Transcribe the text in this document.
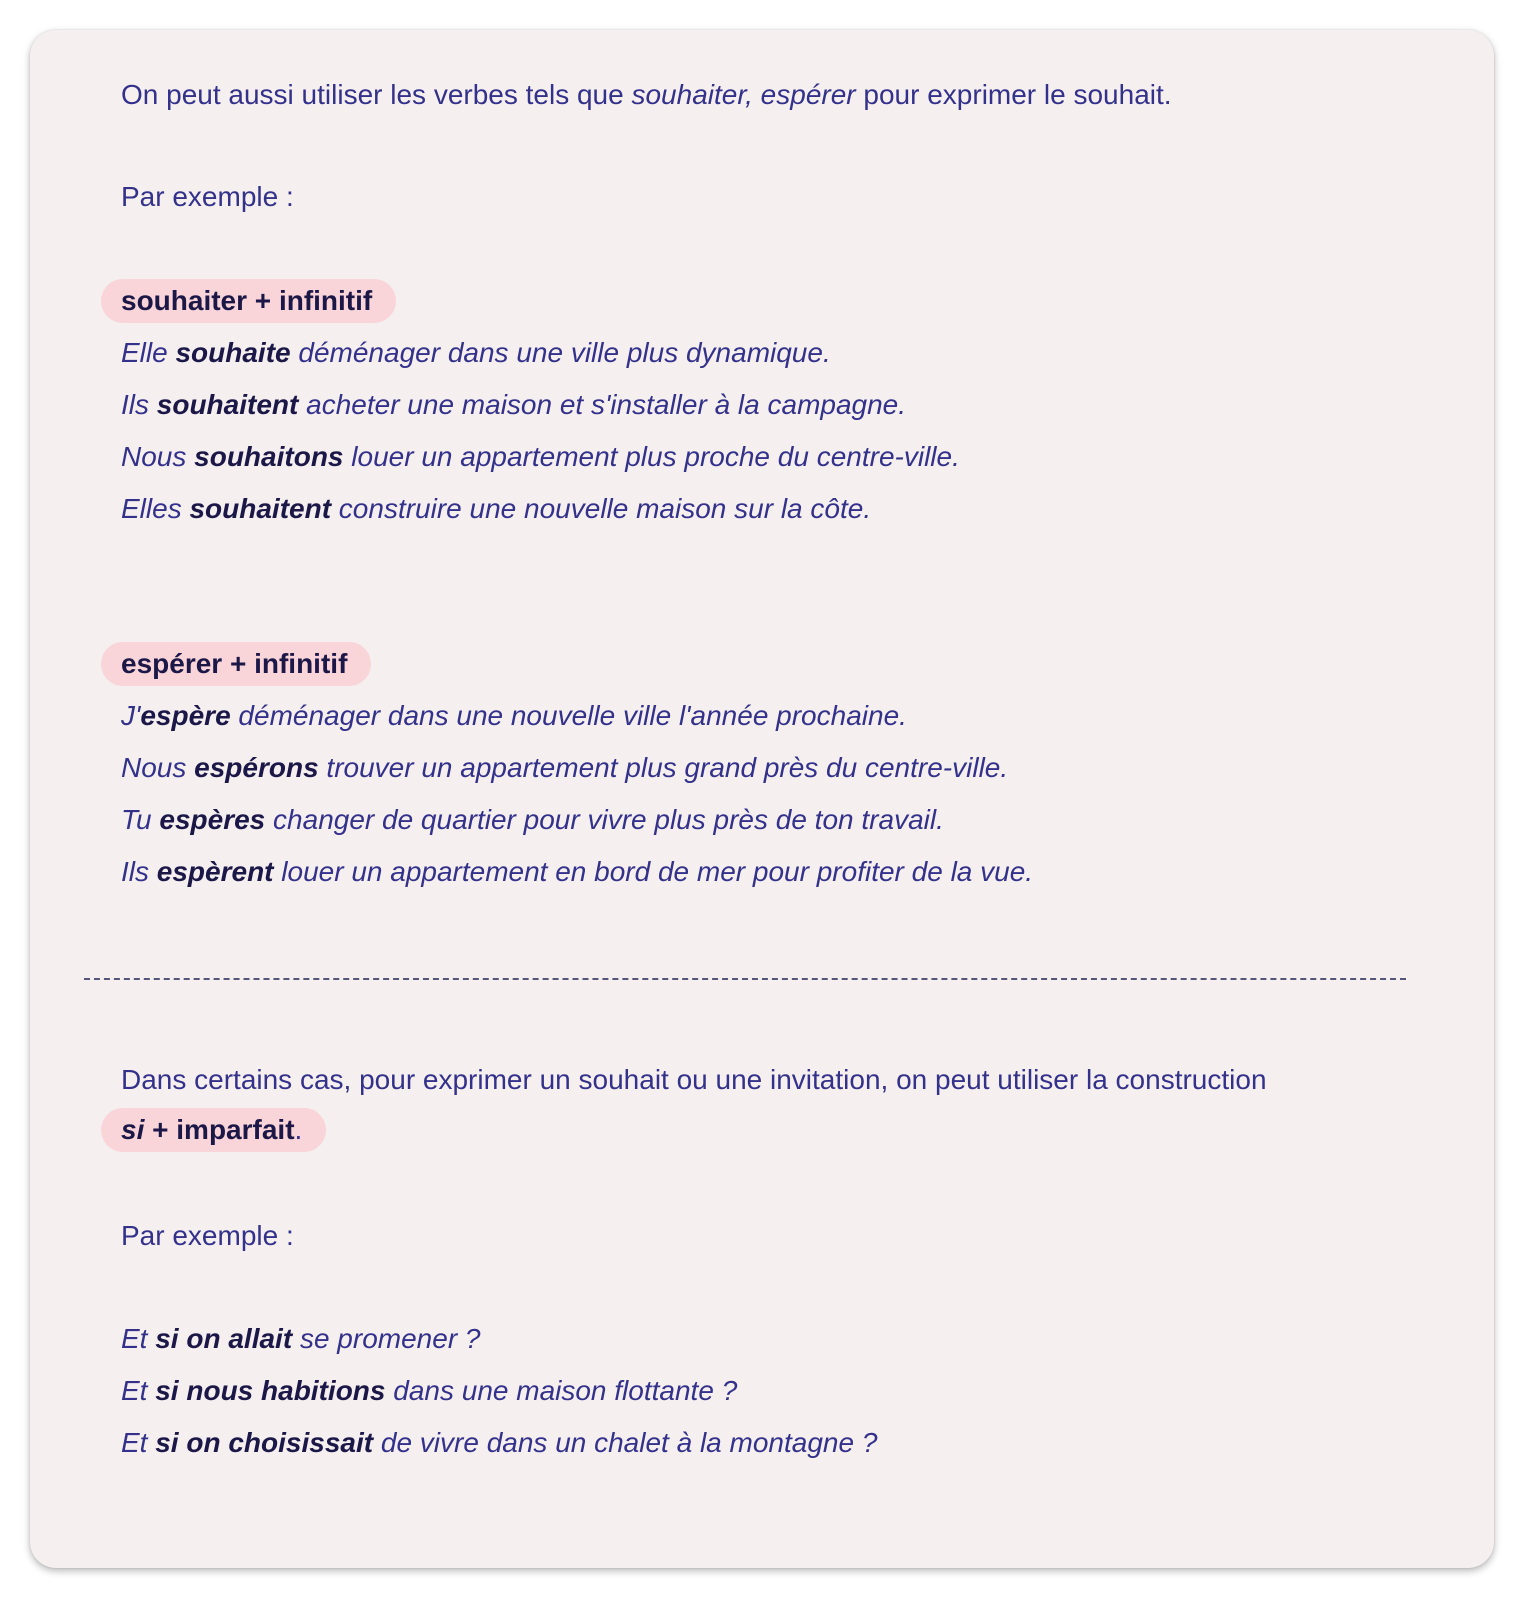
On peut aussi utiliser les verbes tels que souhaiter, espérer pour exprimer le souhait.

Par exemple :

souhaiter + infinitif

Elle souhaite déménager dans une ville plus dynamique.

Ils souhaitent acheter une maison et s'installer à la campagne.

Nous souhaitons louer un appartement plus proche du centre-ville.

Elles souhaitent construire une nouvelle maison sur la côte.

espérer + infinitif

J'espère déménager dans une nouvelle ville l'année prochaine.

Nous espérons trouver un appartement plus grand près du centre-ville.

Tu espères changer de quartier pour vivre plus près de ton travail.

Ils espèrent louer un appartement en bord de mer pour profiter de la vue.

Dans certains cas, pour exprimer un souhait ou une invitation, on peut utiliser la construction

si + imparfait.

Par exemple :

Et si on allait se promener ?

Et si nous habitions dans une maison flottante ?

Et si on choisissait de vivre dans un chalet à la montagne ?
